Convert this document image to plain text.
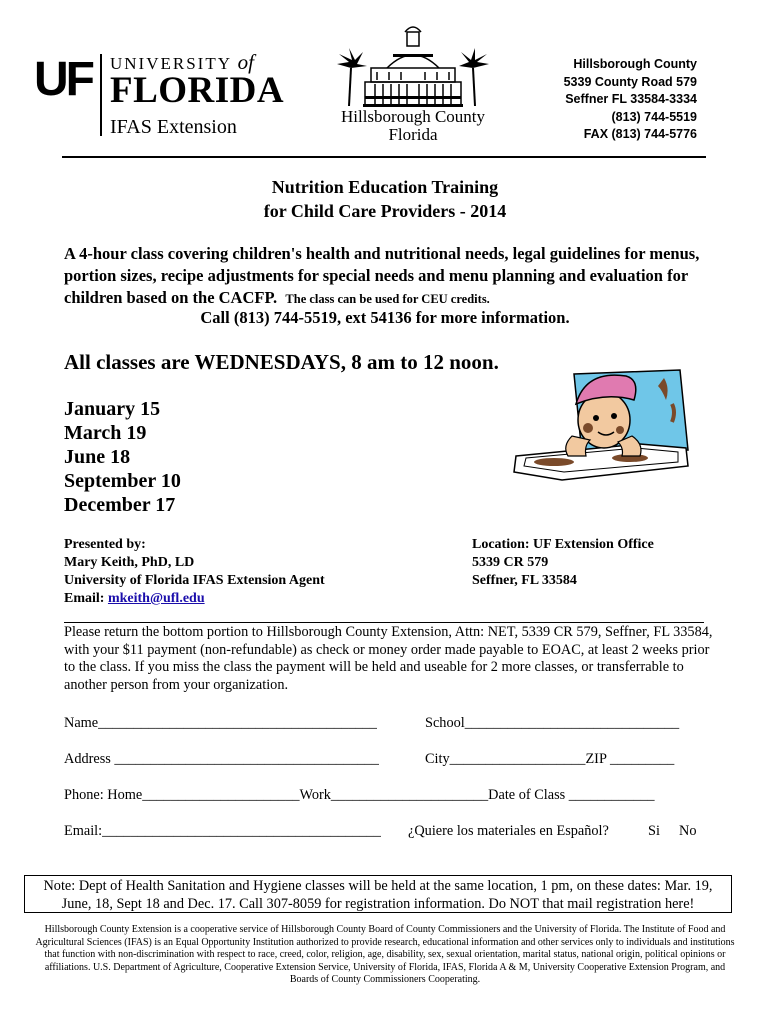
UF UNIVERSITY of
FLORIDA
IFAS Extension	Hillsborough County
Florida
Hillsborough County
5339 County Road 579
Seffner FL 33584-3334
(813) 744-5519
FAX (813) 744-5776
Nutrition Education Training
for Child Care Providers - 2014
A 4-hour class covering children's health and nutritional needs, legal guidelines for menus, portion sizes, recipe adjustments for special needs and menu planning and evaluation for children based on the CACFP. The class can be used for CEU credits.
Call (813) 744-5519, ext 54136 for more information.
All classes are WEDNESDAYS, 8 am to 12 noon.
January 15
March 19
June 18
September 10
December 17
Presented by:
Mary Keith, PhD, LD
University of Florida IFAS Extension Agent
Email: mkeith@ufl.edu
Location: UF Extension Office
5339 CR 579
Seffner, FL 33584
Please return the bottom portion to Hillsborough County Extension, Attn: NET, 5339 CR 579, Seffner, FL 33584, with your $11 payment (non-refundable) as check or money order made payable to EOAC, at least 2 weeks prior to the class. If you miss the class the payment will be held and useable for 2 more classes, or transferrable to another person from your organization.
Name_______________________________________	School______________________________
Address _____________________________________	City___________________ZIP _________
Phone: Home______________________Work______________________Date of Class ____________
Email:_______________________________________ ¿Quiere los materiales en Español?	Si No
Note: Dept of Health Sanitation and Hygiene classes will be held at the same location, 1 pm, on these dates: Mar. 19, June, 18, Sept 18 and Dec. 17. Call 307-8059 for registration information. Do NOT that mail registration here!
Hillsborough County Extension is a cooperative service of Hillsborough County Board of County Commissioners and the University of Florida. The Institute of Food and Agricultural Sciences (IFAS) is an Equal Opportunity Institution authorized to provide research, educational information and other services only to individuals and institutions that function with non-discrimination with respect to race, creed, color, religion, age, disability, sex, sexual orientation, marital status, national origin, political opinions or affiliations. U.S. Department of Agriculture, Cooperative Extension Service, University of Florida, IFAS, Florida A & M, University Cooperative Extension Program, and Boards of County Commissioners Cooperating.
